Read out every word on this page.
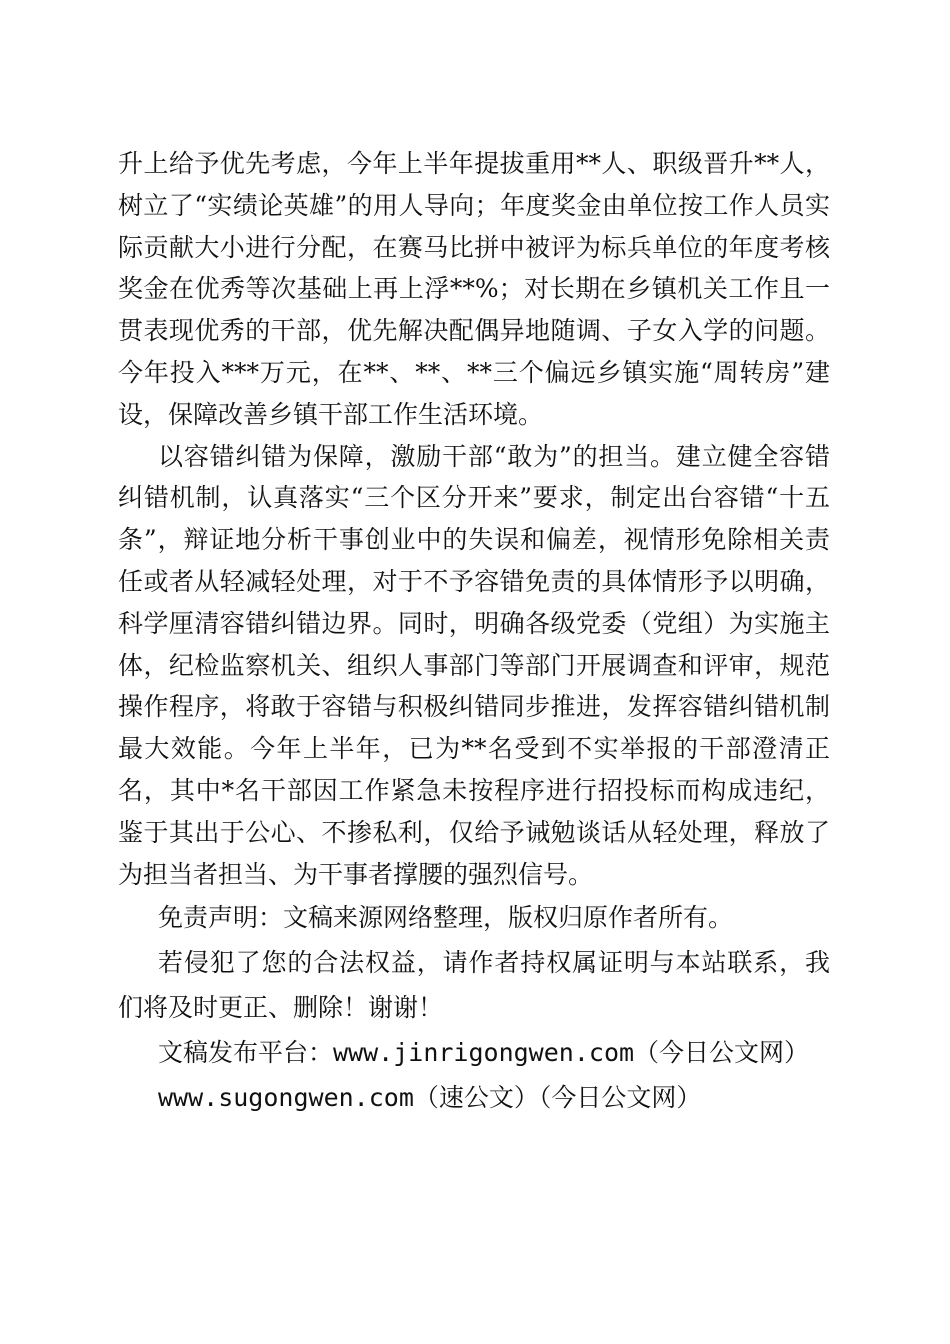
升上给予优先考虑，今年上半年提拔重用**人、职级晋升**人，树立了“实绩论英雄”的用人导向；年度奖金由单位按工作人员实际贡献大小进行分配，在赛马比拼中被评为标兵单位的年度考核奖金在优秀等次基础上再上浮**%；对长期在乡镇机关工作且一贯表现优秀的干部，优先解决配偶异地随调、子女入学的问题。今年投入***万元，在**、**、**三个偏远乡镇实施“周转房”建设，保障改善乡镇干部工作生活环境。

以容错纠错为保障，激励干部“敢为”的担当。建立健全容错纠错机制，认真落实“三个区分开来”要求，制定出台容错“十五条”，辩证地分析干事创业中的失误和偏差，视情形免除相关责任或者从轻减轻处理，对于不予容错免责的具体情形予以明确，科学厘清容错纠错边界。同时，明确各级党委（党组）为实施主体，纪检监察机关、组织人事部门等部门开展调查和评审，规范操作程序，将敢于容错与积极纠错同步推进，发挥容错纠错机制最大效能。今年上半年，已为**名受到不实举报的干部澄清正名，其中*名干部因工作紧急未按程序进行招投标而构成违纪，鉴于其出于公心、不掺私利，仅给予诫勉谈话从轻处理，释放了为担当者担当、为干事者撑腰的强烈信号。

免责声明：文稿来源网络整理，版权归原作者所有。

若侵犯了您的合法权益，请作者持权属证明与本站联系，我们将及时更正、删除！谢谢！

文稿发布平台：www.jinrigongwen.com（今日公文网）

www.sugongwen.com（速公文）（今日公文网）
